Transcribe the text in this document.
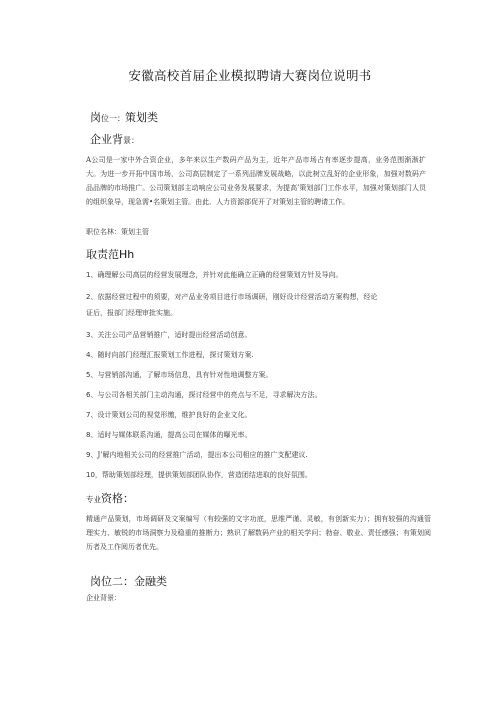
安徽高校首届企业模拟聘请大赛岗位说明书
岗位一：策划类
企业背景：
A公司是一家中外合资企业，多年来以生产数码产品为主，近年产品市场占有率逐步提高，业务范围渐渐扩大。为进一步开拓中国市场，公司高层制定了一系列品牌发展战略，以此树立乱好的企业形象，加强对数码产品品牌的市场推广。公司策划部主动响应公司业务发展要求，为提高’策划部门工作水平，加强对策划部门人员的组织象导，现急需•名策划主管。由此．人力资源部促开了对策划主管的聘请工作。
职位名林：策划主管
取责范Hh
1、确理解公司高层的经营发展理念，并针对此能确立正确的经营策划方针及导向。
2、依据经营过程中的须要，对产品业务项目进行市场调研，刚好设计经营活动方案构想，经论
证后，报部门经理审批实施。
3、关注公司产品营销推广，适时提出经营活动创意。
4、随时向部门经理汇报策划工作进程，探讨策划方案.
5、与营销部沟通，了解市场信息，具有针对性地调整方案。
6、与公司各相关部门主动沟通，探讨经营中的亮点与不足，寻求解决方法。
7、设计策划公司的视觉形缴，维护良好的企业文化。
8、适时与媒体联系沟通，提高公司在媒体的曝光率。
9、J’解内地相关公司的经营推广活动，提出本公司相应的推广支配建议.
10，帮助策划部经理，提供策划部团队协作，营造团结进取的良好氛围。
专业资格：
精通产品策划，市场调研及文案编写（有较强的文字功底，思维严谨、灵敏，有创新实力）；拥有较强的沟通管理实力、敏锐的市场洞察力及稳重的推断力；熟识了解数码产业的相关学问；勃奋、敬业、责任感强；有策划阅历者及工作阅历者优先。
岗位二：金融类
企业背景：
